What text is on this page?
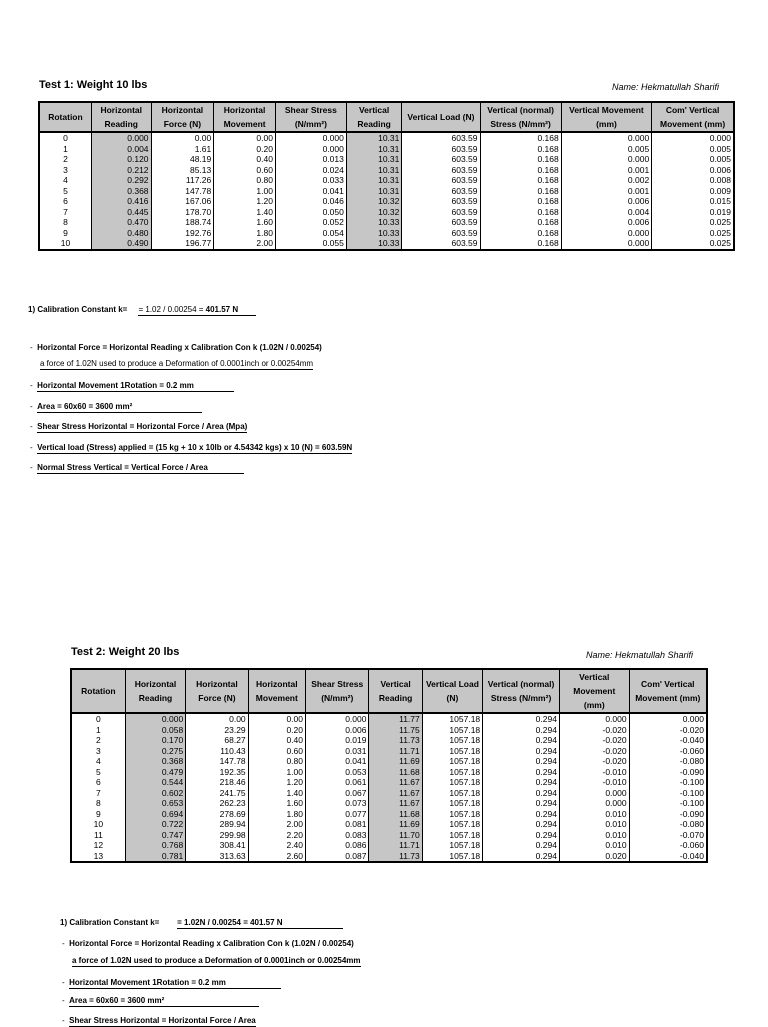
Test 1: Weight 10 lbs	Name: Hekmatullah Sharifi
Rotation	Horizontal Reading	Horizontal Force (N)	Horizontal Movement	Shear Stress (N/mm²)	Vertical Reading	Vertical Load (N)	Vertical (normal) Stress (N/mm²)	Vertical Movement (mm)	Com' Vertical Movement (mm)
0	0.000	0.00	0.00	0.000	10.31	603.59	0.168	0.000	0.000
1	0.004	1.61	0.20	0.000	10.31	603.59	0.168	0.005	0.005
2	0.120	48.19	0.40	0.013	10.31	603.59	0.168	0.000	0.005
3	0.212	85.13	0.60	0.024	10.31	603.59	0.168	0.001	0.006
4	0.292	117.26	0.80	0.033	10.31	603.59	0.168	0.002	0.008
5	0.368	147.78	1.00	0.041	10.31	603.59	0.168	0.001	0.009
6	0.416	167.06	1.20	0.046	10.32	603.59	0.168	0.006	0.015
7	0.445	178.70	1.40	0.050	10.32	603.59	0.168	0.004	0.019
8	0.470	188.74	1.60	0.052	10.33	603.59	0.168	0.006	0.025
9	0.480	192.76	1.80	0.054	10.33	603.59	0.168	0.000	0.025
10	0.490	196.77	2.00	0.055	10.33	603.59	0.168	0.000	0.025
1) Calibration Constant k= = 1.02 / 0.00254 = 401.57 N
-  Horizontal Force = Horizontal Reading x Calibration Con k (1.02N / 0.00254)
a force of 1.02N used to produce a Deformation of 0.0001inch or 0.00254mm
-  Horizontal Movement 1Rotation = 0.2 mm
-  Area = 60x60 = 3600 mm²
-  Shear Stress Horizontal = Horizontal Force / Area (Mpa)
-  Vertical load (Stress) applied = (15 kg + 10 x 10lb or 4.54342 kgs) x 10 (N) = 603.59N
-  Normal Stress Vertical = Vertical Force / Area
Test 2: Weight 20 lbs	Name: Hekmatullah Sharifi
Rotation	Horizontal Reading	Horizontal Force (N)	Horizontal Movement	Shear Stress (N/mm²)	Vertical Reading	Vertical Load (N)	Vertical (normal) Stress (N/mm²)	Vertical Movement (mm)	Com' Vertical Movement (mm)
0	0.000	0.00	0.00	0.000	11.77	1057.18	0.294	0.000	0.000
1	0.058	23.29	0.20	0.006	11.75	1057.18	0.294	-0.020	-0.020
2	0.170	68.27	0.40	0.019	11.73	1057.18	0.294	-0.020	-0.040
3	0.275	110.43	0.60	0.031	11.71	1057.18	0.294	-0.020	-0.060
4	0.368	147.78	0.80	0.041	11.69	1057.18	0.294	-0.020	-0.080
5	0.479	192.35	1.00	0.053	11.68	1057.18	0.294	-0.010	-0.090
6	0.544	218.46	1.20	0.061	11.67	1057.18	0.294	-0.010	-0.100
7	0.602	241.75	1.40	0.067	11.67	1057.18	0.294	0.000	-0.100
8	0.653	262.23	1.60	0.073	11.67	1057.18	0.294	0.000	-0.100
9	0.694	278.69	1.80	0.077	11.68	1057.18	0.294	0.010	-0.090
10	0.722	289.94	2.00	0.081	11.69	1057.18	0.294	0.010	-0.080
11	0.747	299.98	2.20	0.083	11.70	1057.18	0.294	0.010	-0.070
12	0.768	308.41	2.40	0.086	11.71	1057.18	0.294	0.010	-0.060
13	0.781	313.63	2.60	0.087	11.73	1057.18	0.294	0.020	-0.040
1) Calibration Constant k= = 1.02N / 0.00254 = 401.57 N
-  Horizontal Force = Horizontal Reading x Calibration Con k (1.02N / 0.00254)
a force of 1.02N used to produce a Deformation of 0.0001inch or 0.00254mm
-  Horizontal Movement 1Rotation = 0.2 mm
-  Area = 60x60 = 3600 mm²
-  Shear Stress Horizontal = Horizontal Force / Area
